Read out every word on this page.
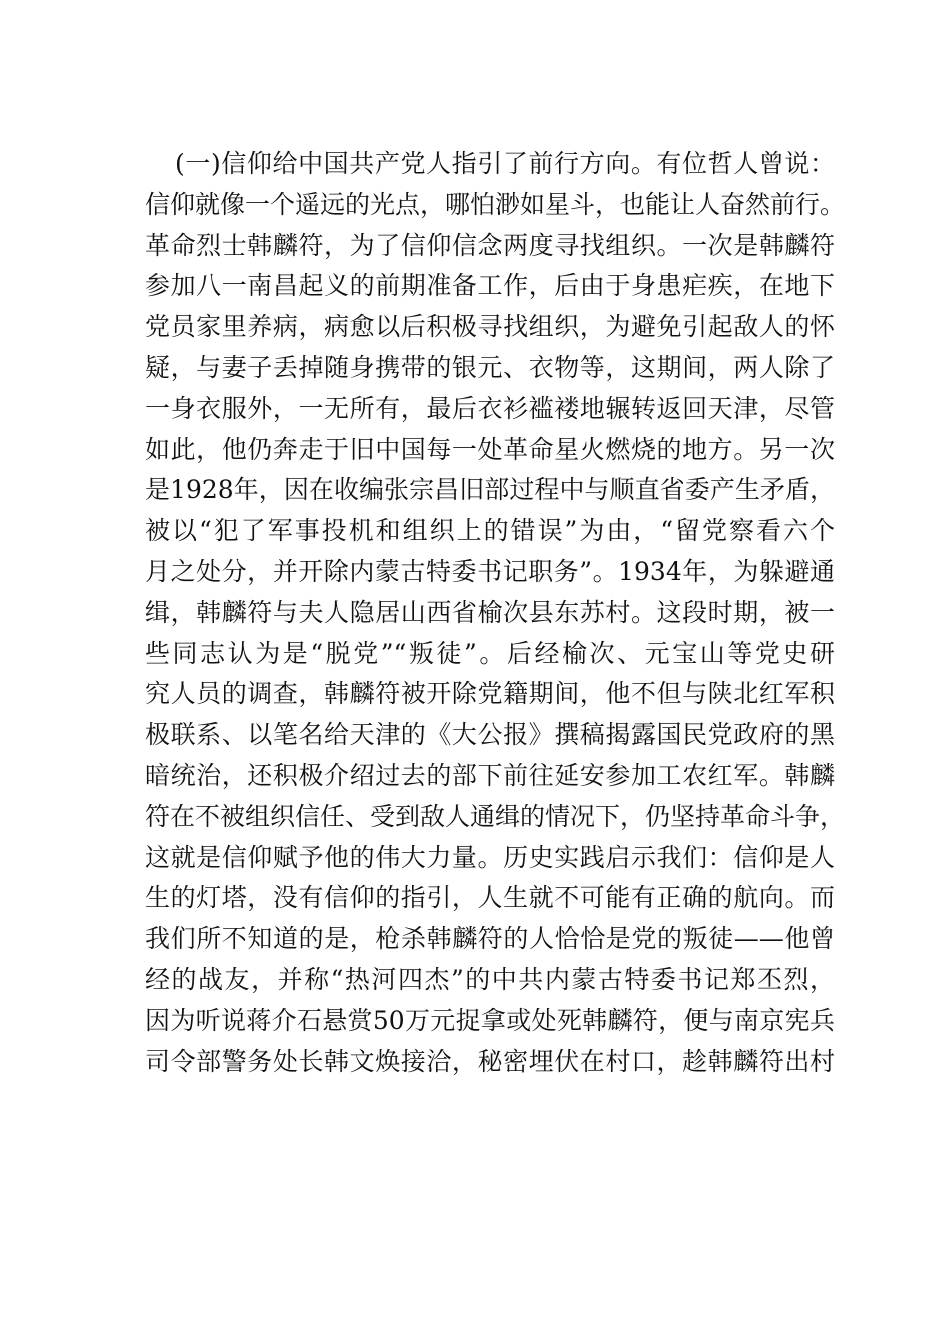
(一)信仰给中国共产党人指引了前行方向。有位哲人曾说：
信仰就像一个遥远的光点，哪怕渺如星斗，也能让人奋然前行。
革命烈士韩麟符，为了信仰信念两度寻找组织。一次是韩麟符
参加八一南昌起义的前期准备工作，后由于身患疟疾，在地下
党员家里养病，病愈以后积极寻找组织，为避免引起敌人的怀
疑，与妻子丢掉随身携带的银元、衣物等，这期间，两人除了
一身衣服外，一无所有，最后衣衫褴褛地辗转返回天津，尽管
如此，他仍奔走于旧中国每一处革命星火燃烧的地方。另一次
是1928年，因在收编张宗昌旧部过程中与顺直省委产生矛盾，
被以“犯了军事投机和组织上的错误”为由，“留党察看六个
月之处分，并开除内蒙古特委书记职务”。1934年，为躲避通
缉，韩麟符与夫人隐居山西省榆次县东苏村。这段时期，被一
些同志认为是“脱党”“叛徒”。后经榆次、元宝山等党史研
究人员的调查，韩麟符被开除党籍期间，他不但与陕北红军积
极联系、以笔名给天津的《大公报》撰稿揭露国民党政府的黑
暗统治，还积极介绍过去的部下前往延安参加工农红军。韩麟
符在不被组织信任、受到敌人通缉的情况下，仍坚持革命斗争，
这就是信仰赋予他的伟大力量。历史实践启示我们：信仰是人
生的灯塔，没有信仰的指引，人生就不可能有正确的航向。而
我们所不知道的是，枪杀韩麟符的人恰恰是党的叛徒——他曾
经的战友，并称“热河四杰”的中共内蒙古特委书记郑丕烈，
因为听说蒋介石悬赏50万元捉拿或处死韩麟符，便与南京宪兵
司令部警务处长韩文焕接洽，秘密埋伏在村口，趁韩麟符出村
